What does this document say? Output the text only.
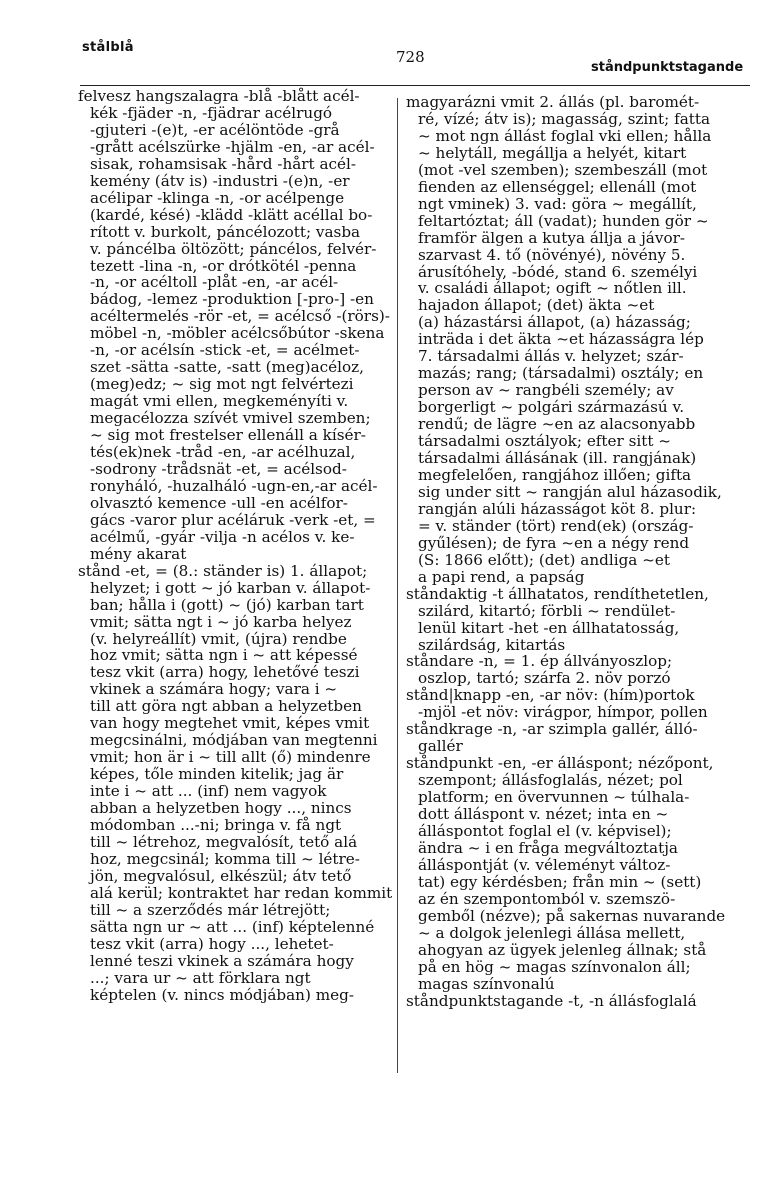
stålblå
728
ståndpunktstagande
felvesz hangszalagra -blå -blått acél-
kék -fjäder -n, -fjädrar acélrugó
-gjuteri -(e)t, -er acélöntöde -grå
-grått acélszürke -hjälm -en, -ar acél-
sisak, rohamsisak -hård -hårt acél-
kemény (átv is) -industri -(e)n, -er
acélipar -klinga -n, -or acélpenge
(kardé, késé) -klädd -klätt acéllal bo-
rított v. burkolt, páncélozott; vasba
v. páncélba öltözött; páncélos, felvér-
tezett -lina -n, -or drótkötél -penna
-n, -or acéltoll -plåt -en, -ar acél-
bádog, -lemez -produktion [-pro-] -en
acéltermelés -rör -et, = acélcső -(rörs)-
möbel -n, -möbler acélcsőbútor -skena
-n, -or acélsín -stick -et, = acélmet-
szet -sätta -satte, -satt (meg)acéloz,
(meg)edz; ~ sig mot ngt felvértezi
magát vmi ellen, megkeményíti v.
megacélozza szívét vmivel szemben;
~ sig mot frestelser ellenáll a kísér-
tés(ek)nek -tråd -en, -ar acélhuzal,
-sodrony -trådsnät -et, = acélsod-
ronyháló, -huzalháló -ugn-en,-ar acél-
olvasztó kemence -ull -en acélfor-
gács -varor plur acéláruk -verk -et, =
acélmű, -gyár -vilja -n acélos v. ke-
mény akarat
stånd -et, = (8.: ständer is) 1. állapot;
helyzet; i gott ~ jó karban v. állapot-
ban; hålla i (gott) ~ (jó) karban tart
vmit; sätta ngt i ~ jó karba helyez
(v. helyreállít) vmit, (újra) rendbe
hoz vmit; sätta ngn i ~ att képessé
tesz vkit (arra) hogy, lehetővé teszi
vkinek a számára hogy; vara i ~
till att göra ngt abban a helyzetben
van hogy megtehet vmit, képes vmit
megcsinálni, módjában van megtenni
vmit; hon är i ~ till allt (ő) mindenre
képes, tőle minden kitelik; jag är
inte i ~ att ... (inf) nem vagyok
abban a helyzetben hogy ..., nincs
módomban ...-ni; bringa v. få ngt
till ~ létrehoz, megvalósít, tető alá
hoz, megcsinál; komma till ~ létre-
jön, megvalósul, elkészül; átv tető
alá kerül; kontraktet har redan kommit
till ~ a szerződés már létrejött;
sätta ngn ur ~ att ... (inf) képtelenné
tesz vkit (arra) hogy ..., lehetet-
lenné teszi vkinek a számára hogy
...; vara ur ~ att förklara ngt
képtelen (v. nincs módjában) meg-
magyarázni vmit 2. állás (pl. baromét-
ré, vízé; átv is); magasság, szint; fatta
~ mot ngn állást foglal vki ellen; hålla
~ helytáll, megállja a helyét, kitart
(mot -vel szemben); szembeszáll (mot
fienden az ellenséggel; ellenáll (mot
ngt vminek) 3. vad: göra ~ megállít,
feltartóztat; áll (vadat); hunden gör ~
framför älgen a kutya állja a jávor-
szarvast 4. tő (növényé), növény 5.
árusítóhely, -bódé, stand 6. személyi
v. családi állapot; ogift ~ nőtlen ill.
hajadon állapot; (det) äkta ~et
(a) házastársi állapot, (a) házasság;
inträda i det äkta ~et házasságra lép
7. társadalmi állás v. helyzet; szár-
mazás; rang; (társadalmi) osztály; en
person av ~ rangbéli személy; av
borgerligt ~ polgári származású v.
rendű; de lägre ~en az alacsonyabb
társadalmi osztályok; efter sitt ~
társadalmi állásának (ill. rangjának)
megfelelően, rangjához illően; gifta
sig under sitt ~ rangján alul házasodik,
rangján alúli házasságot köt 8. plur:
= v. ständer (tört) rend(ek) (ország-
gyűlésen); de fyra ~en a négy rend
(S: 1866 előtt); (det) andliga ~et
a papi rend, a papság
ståndaktig -t állhatatos, rendíthetetlen,
szilárd, kitartó; förbli ~ rendület-
lenül kitart -het -en állhatatosság,
szilárdság, kitartás
ståndare -n, = 1. ép állványoszlop;
oszlop, tartó; szárfa 2. növ porzó
stånd|knapp -en, -ar növ: (hím)portok
-mjöl -et növ: virágpor, hímpor, pollen
ståndkrage -n, -ar szimpla gallér, álló-
gallér
ståndpunkt -en, -er álláspont; nézőpont,
szempont; állásfoglalás, nézet; pol
platform; en övervunnen ~ túlhala-
dott álláspont v. nézet; inta en ~
álláspontot foglal el (v. képvisel);
ändra ~ i en fråga megváltoztatja
álláspontját (v. véleményt változ-
tat) egy kérdésben; från min ~ (sett)
az én szempontomból v. szemszö-
gemből (nézve); på sakernas nuvarande
~ a dolgok jelenlegi állása mellett,
ahogyan az ügyek jelenleg állnak; stå
på en hög ~ magas színvonalon áll;
magas színvonalú
ståndpunktstagande -t, -n állásfoglalá
